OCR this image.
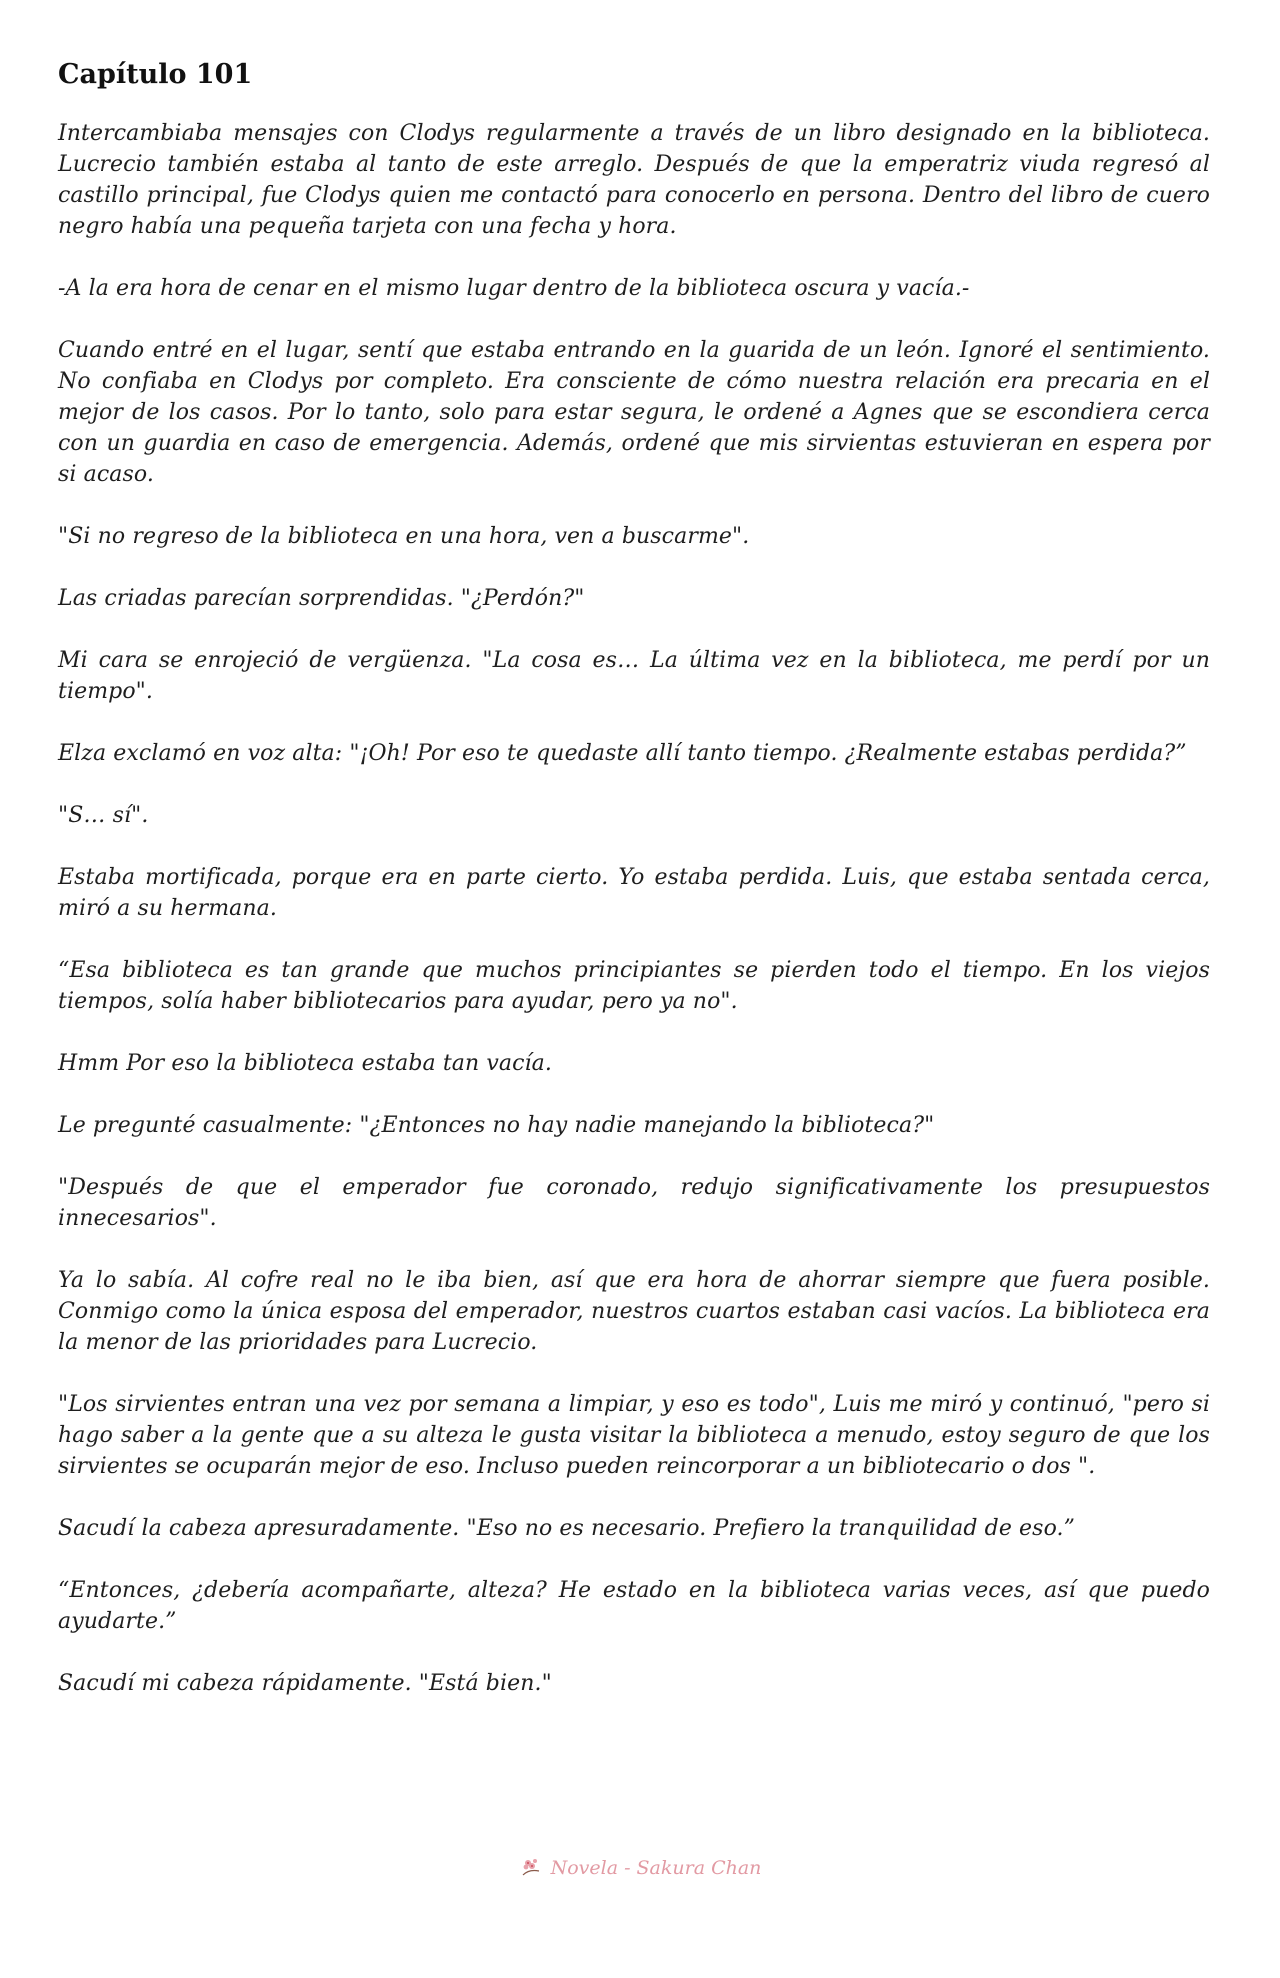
Capítulo 101

Intercambiaba mensajes con Clodys regularmente a través de un libro designado en la biblioteca. Lucrecio también estaba al tanto de este arreglo. Después de que la emperatriz viuda regresó al castillo principal, fue Clodys quien me contactó para conocerlo en persona. Dentro del libro de cuero negro había una pequeña tarjeta con una fecha y hora.

-A la era hora de cenar en el mismo lugar dentro de la biblioteca oscura y vacía.-

Cuando entré en el lugar, sentí que estaba entrando en la guarida de un león. Ignoré el sentimiento. No confiaba en Clodys por completo. Era consciente de cómo nuestra relación era precaria en el mejor de los casos. Por lo tanto, solo para estar segura, le ordené a Agnes que se escondiera cerca con un guardia en caso de emergencia. Además, ordené que mis sirvientas estuvieran en espera por si acaso.

"Si no regreso de la biblioteca en una hora, ven a buscarme".

Las criadas parecían sorprendidas. "¿Perdón?"

Mi cara se enrojeció de vergüenza. "La cosa es… La última vez en la biblioteca, me perdí por un tiempo".

Elza exclamó en voz alta: "¡Oh! Por eso te quedaste allí tanto tiempo. ¿Realmente estabas perdida?”

"S… sí".

Estaba mortificada, porque era en parte cierto. Yo estaba perdida. Luis, que estaba sentada cerca, miró a su hermana.

“Esa biblioteca es tan grande que muchos principiantes se pierden todo el tiempo. En los viejos tiempos, solía haber bibliotecarios para ayudar, pero ya no".

Hmm Por eso la biblioteca estaba tan vacía.

Le pregunté casualmente: "¿Entonces no hay nadie manejando la biblioteca?"

"Después de que el emperador fue coronado, redujo significativamente los presupuestos innecesarios".

Ya lo sabía. Al cofre real no le iba bien, así que era hora de ahorrar siempre que fuera posible. Conmigo como la única esposa del emperador, nuestros cuartos estaban casi vacíos. La biblioteca era la menor de las prioridades para Lucrecio.

"Los sirvientes entran una vez por semana a limpiar, y eso es todo", Luis me miró y continuó, "pero si hago saber a la gente que a su alteza le gusta visitar la biblioteca a menudo, estoy seguro de que los sirvientes se ocuparán mejor de eso. Incluso pueden reincorporar a un bibliotecario o dos ".

Sacudí la cabeza apresuradamente. "Eso no es necesario. Prefiero la tranquilidad de eso.”

“Entonces, ¿debería acompañarte, alteza? He estado en la biblioteca varias veces, así que puedo ayudarte.”

Sacudí mi cabeza rápidamente. "Está bien."

Novela - Sakura Chan
